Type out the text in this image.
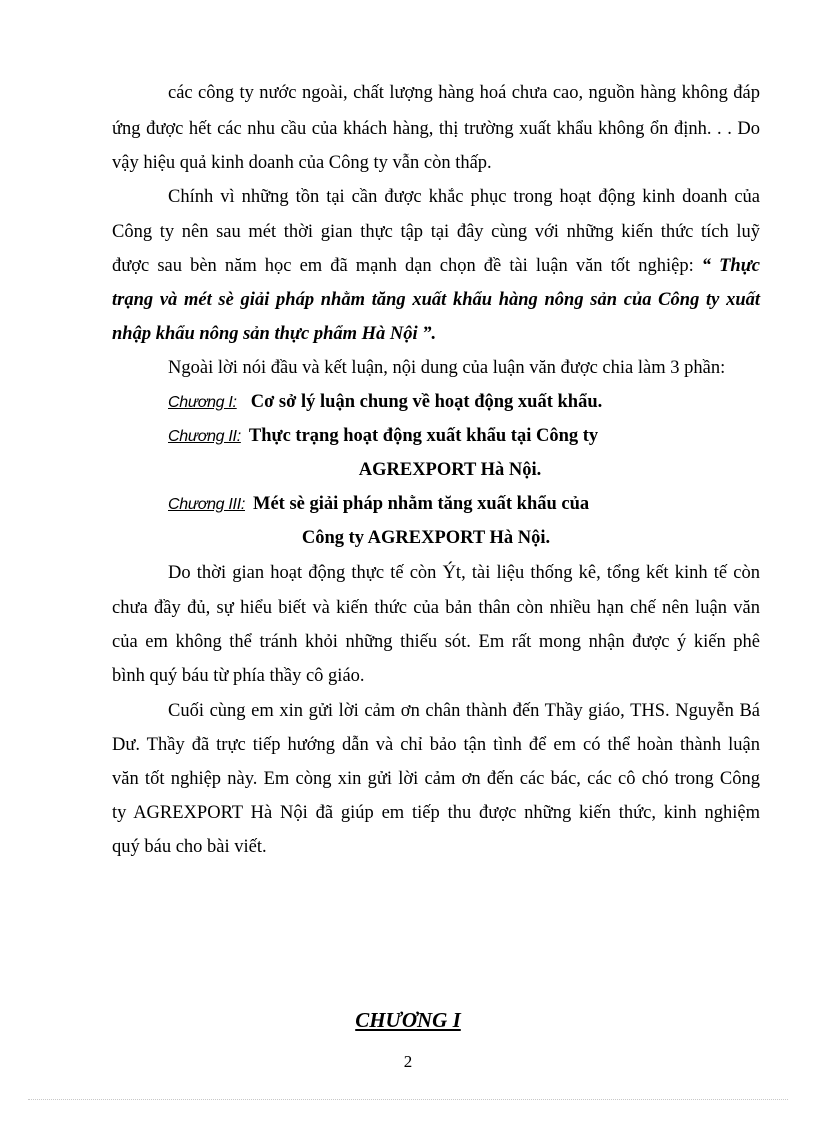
các công ty nước ngoài, chất lượng hàng hoá chưa cao, nguồn hàng không đáp
ứng được hết các nhu cầu của khách hàng, thị trường xuất khẩu không ổn định. . . Do
vậy hiệu quả kinh doanh của Công ty vẫn còn thấp.
Chính vì những tồn tại cần được khắc phục trong hoạt động kinh doanh của
Công ty nên sau mét thời gian thực tập tại đây cùng với những kiến thức tích luỹ
được sau bèn năm học em đã mạnh dạn chọn đề tài luận văn tốt nghiệp: “ Thực
trạng và mét sè giải pháp nhằm tăng xuất khẩu hàng nông sản của Công ty xuất
nhập khẩu nông sản thực phẩm Hà Nội ”.
Ngoài lời nói đầu và kết luận, nội dung của luận văn được chia làm 3 phần:
Chương I: Cơ sở lý luận chung về hoạt động xuất khẩu.
Chương II: Thực trạng hoạt động xuất khẩu tại Công ty
AGREXPORT Hà Nội.
Chương III: Mét sè giải pháp nhằm tăng xuất khẩu của
Công ty AGREXPORT Hà Nội.
Do thời gian hoạt động thực tế còn Ýt, tài liệu thống kê, tổng kết kinh tế còn
chưa đầy đủ, sự hiểu biết và kiến thức của bản thân còn nhiều hạn chế nên luận văn
của em không thể tránh khỏi những thiếu sót. Em rất mong nhận được ý kiến phê
bình quý báu từ phía thầy cô giáo.
Cuối cùng em xin gửi lời cảm ơn chân thành đến Thầy giáo, THS. Nguyễn Bá
Dư. Thầy đã trực tiếp hướng dẫn và chỉ bảo tận tình để em có thể hoàn thành luận
văn tốt nghiệp này. Em còng xin gửi lời cảm ơn đến các bác, các cô chó trong Công
ty AGREXPORT Hà Nội đã giúp em tiếp thu được những kiến thức, kinh nghiệm
quý báu cho bài viết.
CHƯƠNG I
2
